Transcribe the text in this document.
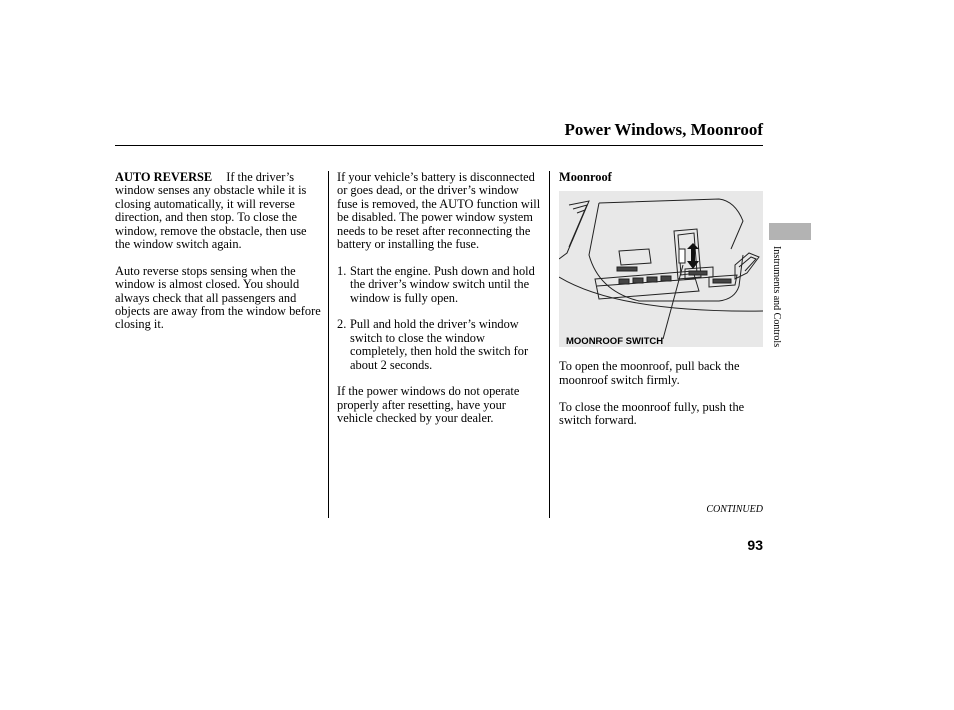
Power Windows, Moonroof

AUTO REVERSE If the driver’s window senses any obstacle while it is closing automatically, it will reverse direction, and then stop. To close the window, remove the obstacle, then use the window switch again.

Auto reverse stops sensing when the window is almost closed. You should always check that all passengers and objects are away from the window before closing it.

If your vehicle’s battery is disconnected or goes dead, or the driver’s window fuse is removed, the AUTO function will be disabled. The power window system needs to be reset after reconnecting the battery or installing the fuse.

1. Start the engine. Push down and hold the driver’s window switch until the window is fully open.
2. Pull and hold the driver’s window switch to close the window completely, then hold the switch for about 2 seconds.

If the power windows do not operate properly after resetting, have your vehicle checked by your dealer.

Moonroof
MOONROOF SWITCH

To open the moonroof, pull back the moonroof switch firmly.

To close the moonroof fully, push the switch forward.

Instruments and Controls
CONTINUED
93
